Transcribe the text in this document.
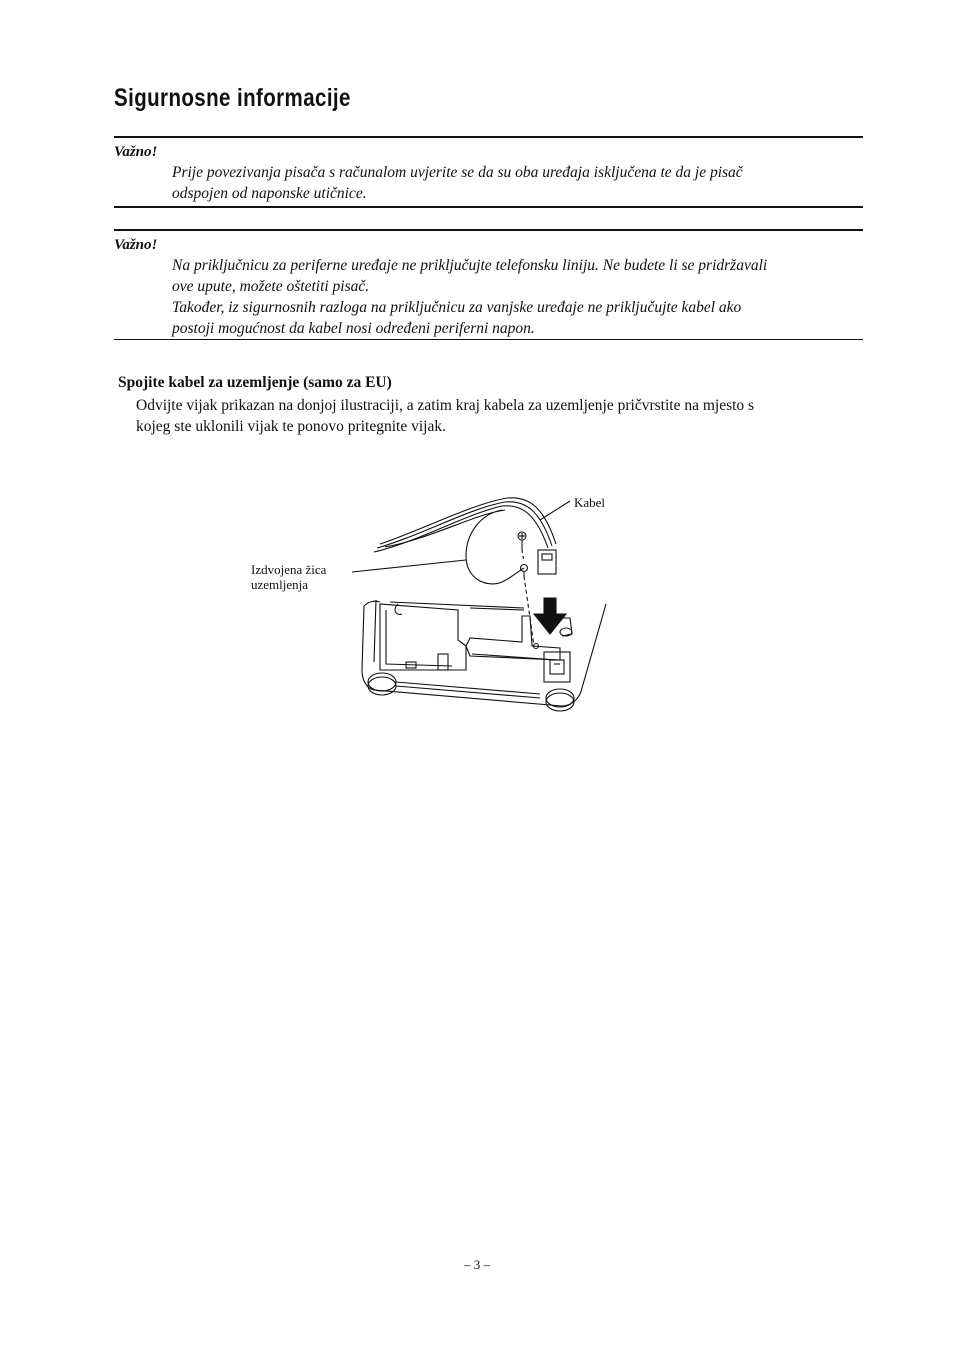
Sigurnosne informacije
Važno!
Prije povezivanja pisača s računalom uvjerite se da su oba uređaja isključena te da je pisač
odspojen od naponske utičnice.
Važno!
Na priključnicu za periferne uređaje ne priključujte telefonsku liniju. Ne budete li se pridržavali
ove upute, možete oštetiti pisač.
Također, iz sigurnosnih razloga na priključnicu za vanjske uređaje ne priključujte kabel ako
postoji mogućnost da kabel nosi određeni periferni napon.
Spojite kabel za uzemljenje (samo za EU)
Odvijte vijak prikazan na donjoj ilustraciji, a zatim kraj kabela za uzemljenje pričvrstite na mjesto s
kojeg ste uklonili vijak te ponovo pritegnite vijak.
Kabel
Izdvojena žica
uzemljenja
– 3 –
